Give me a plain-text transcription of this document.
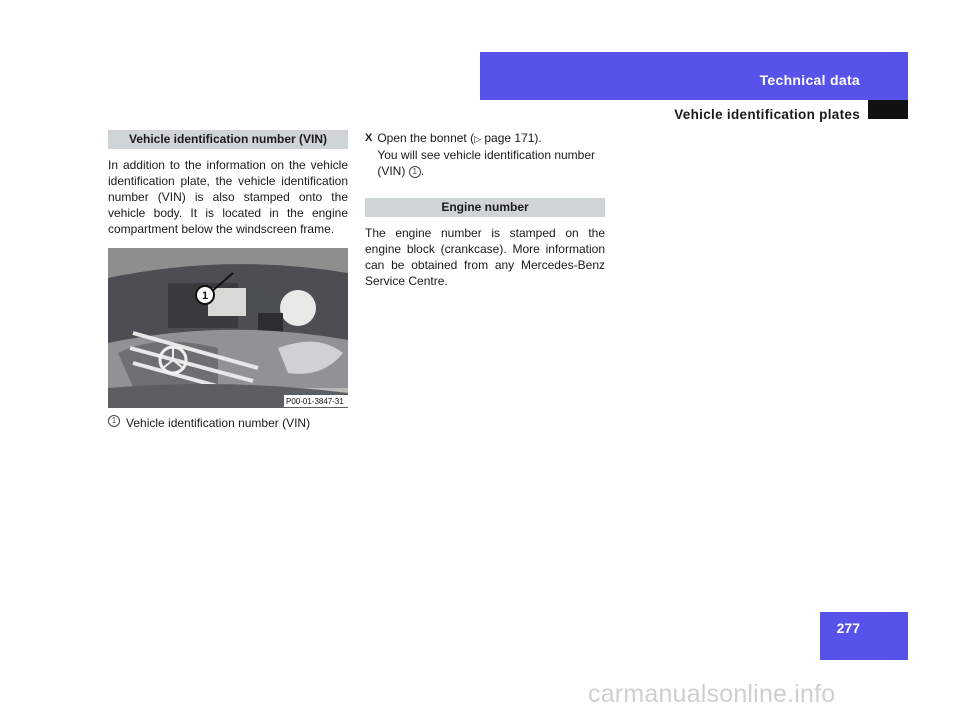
Technical data
Vehicle identification plates
Vehicle identification number (VIN)

In addition to the information on the vehicle identification plate, the vehicle identification number (VIN) is also stamped onto the vehicle body. It is located in the engine compartment below the windscreen frame.

1
P00-01-3847-31
1 Vehicle identification number (VIN)
X Open the bonnet (▷ page 171).

You will see vehicle identification number

(VIN) 1 .

Engine number

The engine number is stamped on the engine block (crankcase). More information can be obtained from any Mercedes-Benz Service Centre.

277
carmanualsonline.info
